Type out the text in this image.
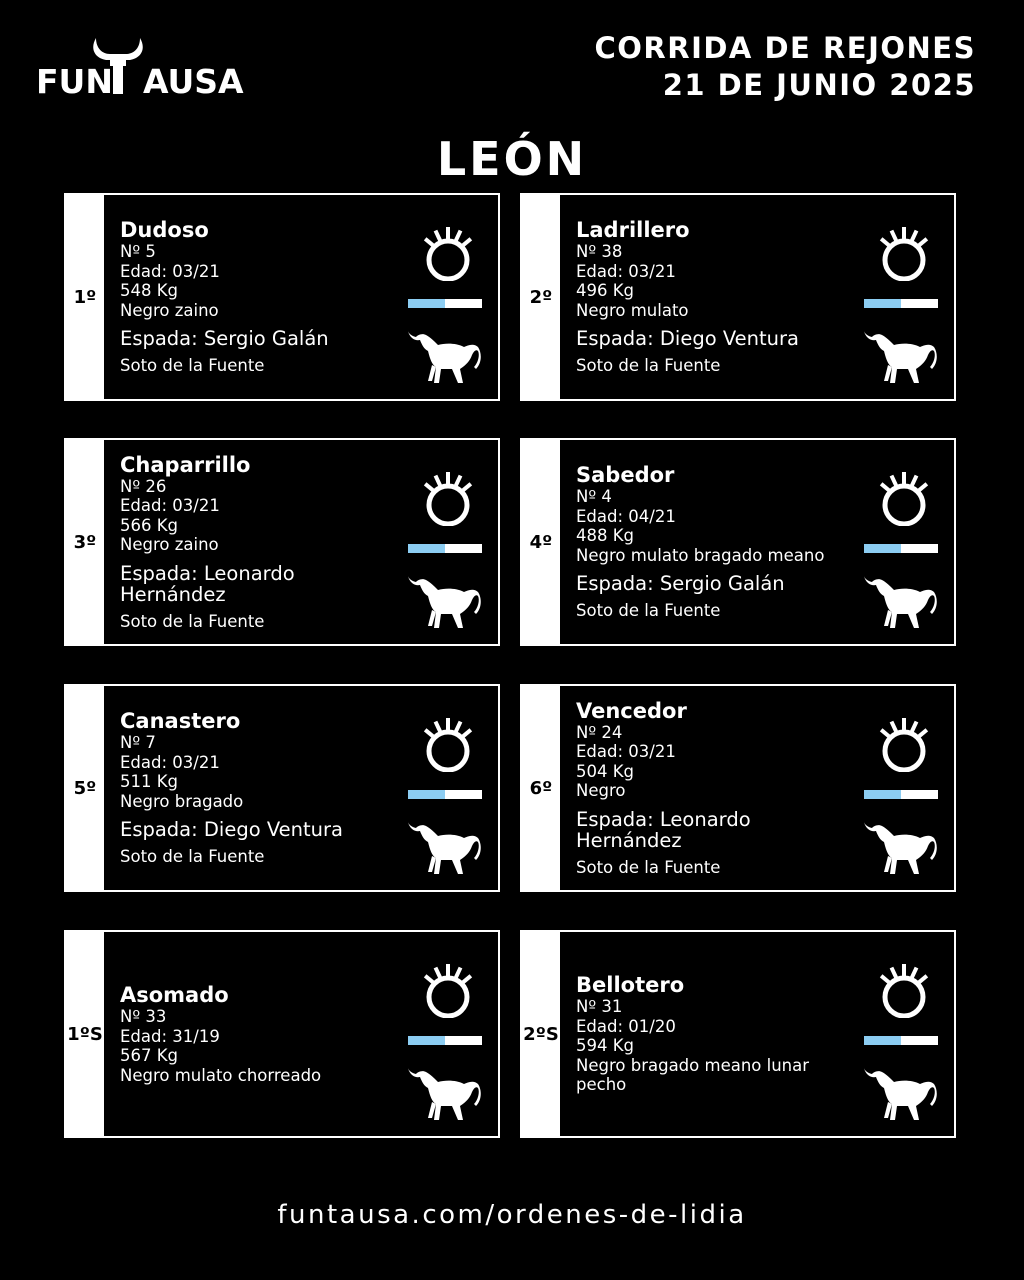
FUN AUSA
CORRIDA DE REJONES
21 DE JUNIO 2025
LEÓN
1º
Dudoso
Nº 5
Edad: 03/21
548 Kg
Negro zaino
Espada: Sergio Galán
Soto de la Fuente
2º
Ladrillero
Nº 38
Edad: 03/21
496 Kg
Negro mulato
Espada: Diego Ventura
Soto de la Fuente
3º
Chaparrillo
Nº 26
Edad: 03/21
566 Kg
Negro zaino
Espada: Leonardo Hernández
Soto de la Fuente
4º
Sabedor
Nº 4
Edad: 04/21
488 Kg
Negro mulato bragado meano
Espada: Sergio Galán
Soto de la Fuente
5º
Canastero
Nº 7
Edad: 03/21
511 Kg
Negro bragado
Espada: Diego Ventura
Soto de la Fuente
6º
Vencedor
Nº 24
Edad: 03/21
504 Kg
Negro
Espada: Leonardo Hernández
Soto de la Fuente
1ºS
Asomado
Nº 33
Edad: 31/19
567 Kg
Negro mulato chorreado
2ºS
Bellotero
Nº 31
Edad: 01/20
594 Kg
Negro bragado meano lunar pecho
funtausa.com/ordenes-de-lidia
